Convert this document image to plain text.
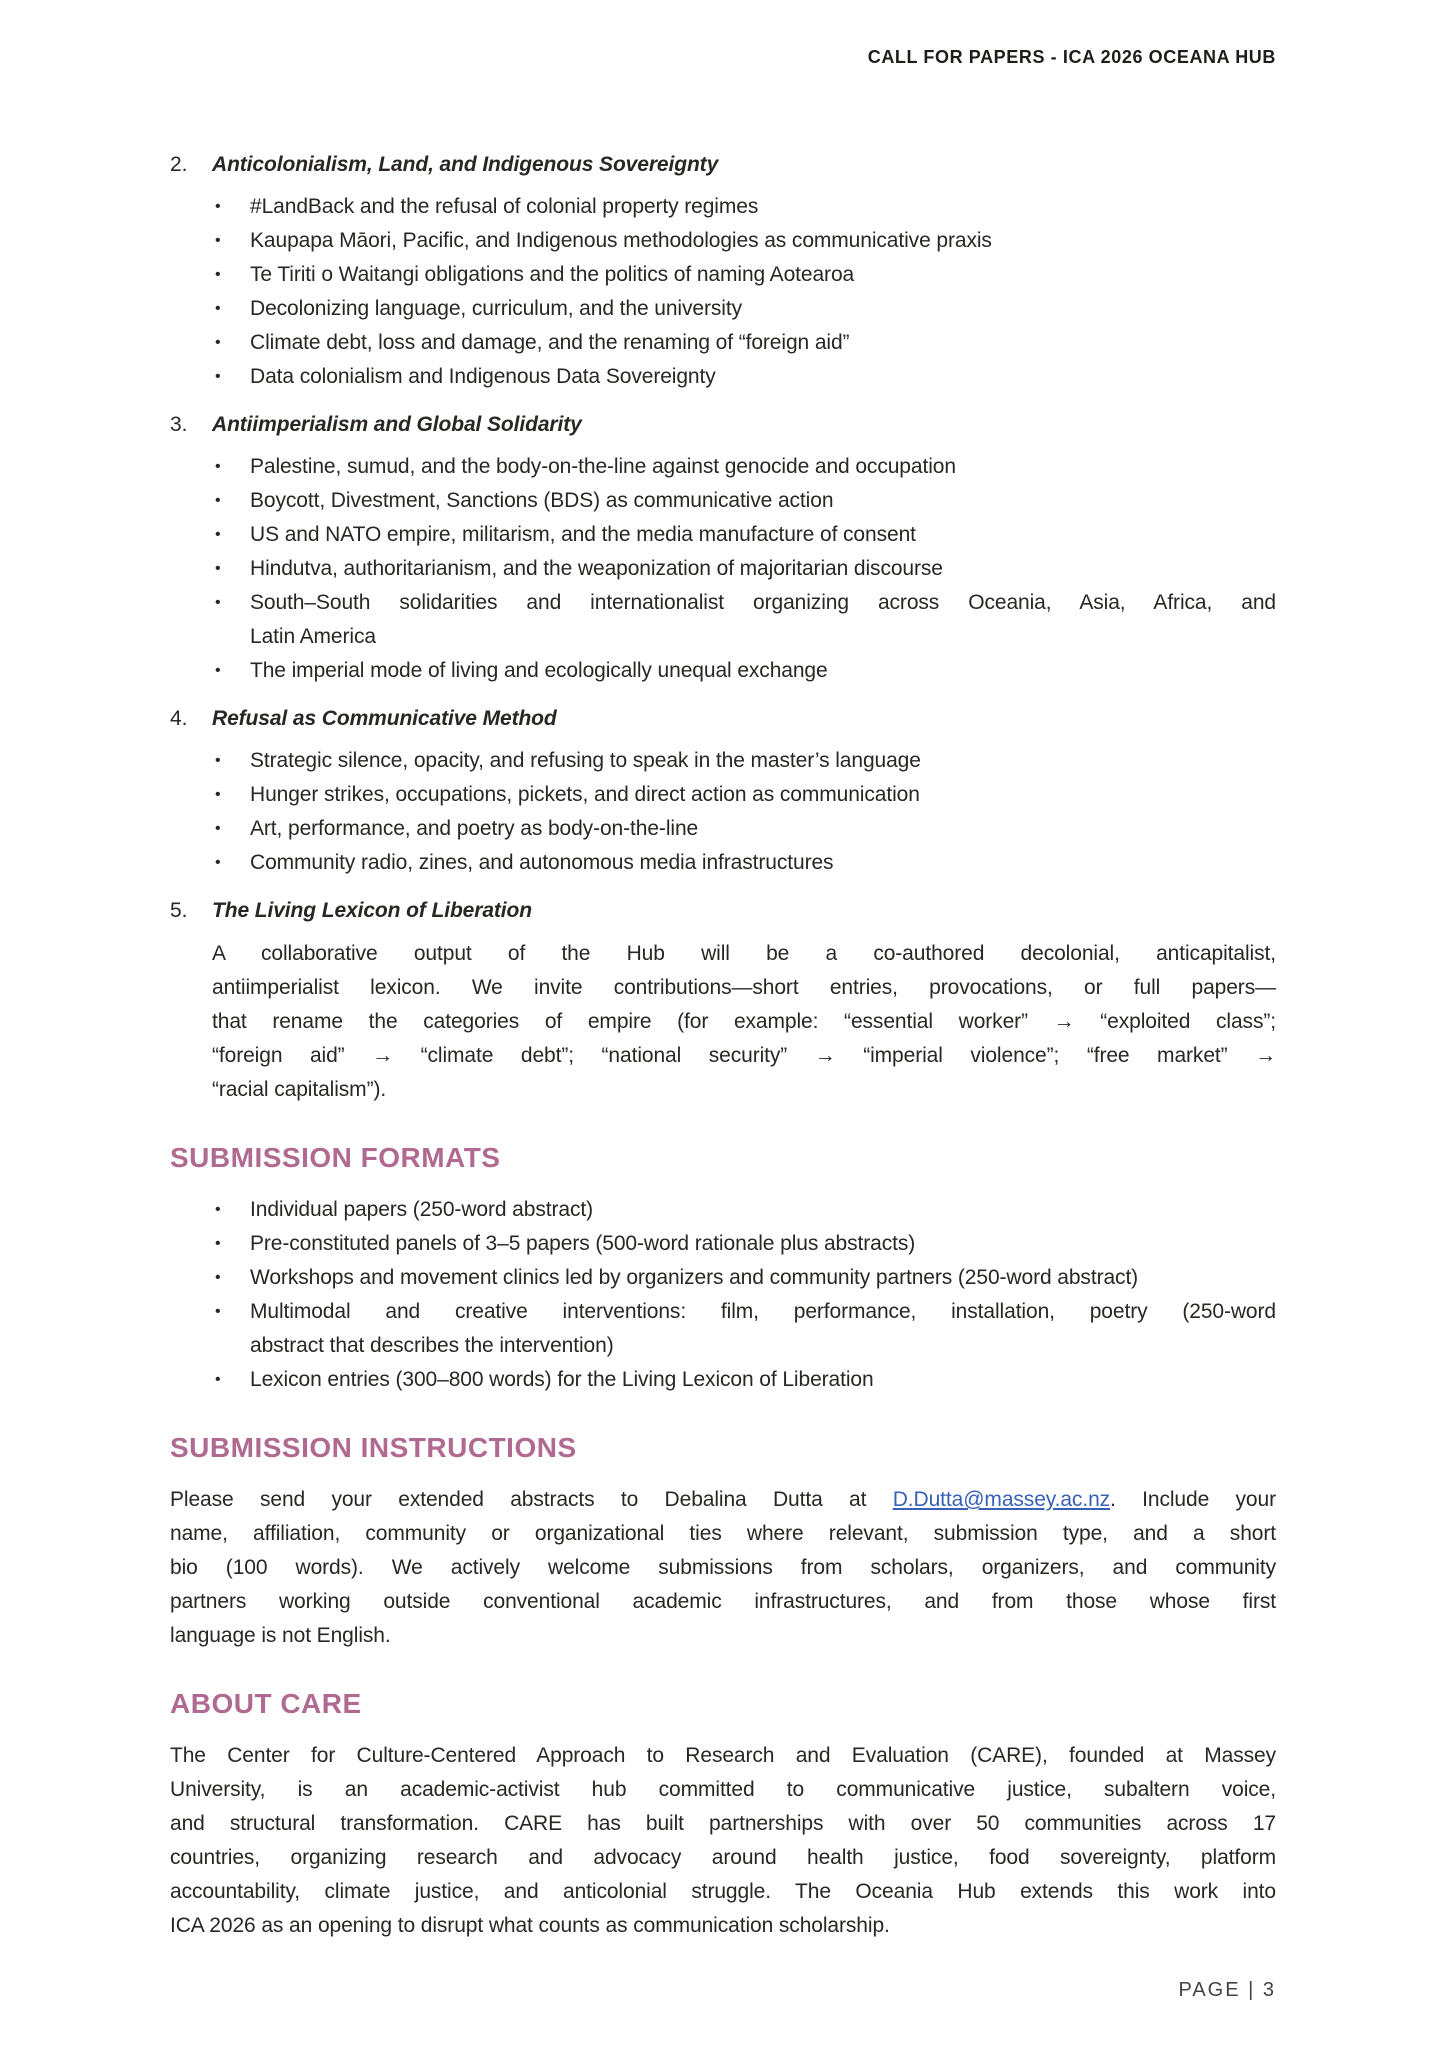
CALL FOR PAPERS - ICA 2026 OCEANA HUB
2.	Anticolonialism, Land, and Indigenous Sovereignty
•	#LandBack and the refusal of colonial property regimes
•	Kaupapa Māori, Pacific, and Indigenous methodologies as communicative praxis
•	Te Tiriti o Waitangi obligations and the politics of naming Aotearoa
•	Decolonizing language, curriculum, and the university
•	Climate debt, loss and damage, and the renaming of “foreign aid”
•	Data colonialism and Indigenous Data Sovereignty
3.	Antiimperialism and Global Solidarity
•	Palestine, sumud, and the body-on-the-line against genocide and occupation
•	Boycott, Divestment, Sanctions (BDS) as communicative action
•	US and NATO empire, militarism, and the media manufacture of consent
•	Hindutva, authoritarianism, and the weaponization of majoritarian discourse
•	South–South solidarities and internationalist organizing across Oceania, Asia, Africa, and
Latin America
•	The imperial mode of living and ecologically unequal exchange
4.	Refusal as Communicative Method
•	Strategic silence, opacity, and refusing to speak in the master’s language
•	Hunger strikes, occupations, pickets, and direct action as communication
•	Art, performance, and poetry as body-on-the-line
•	Community radio, zines, and autonomous media infrastructures
5.	The Living Lexicon of Liberation
A collaborative output of the Hub will be a co-authored decolonial, anticapitalist,
antiimperialist lexicon. We invite contributions—short entries, provocations, or full papers—
that rename the categories of empire (for example: “essential worker” → “exploited class”;
“foreign aid” → “climate debt”; “national security” → “imperial violence”; “free market” →
“racial capitalism”).
SUBMISSION FORMATS
•	Individual papers (250-word abstract)
•	Pre-constituted panels of 3–5 papers (500-word rationale plus abstracts)
•	Workshops and movement clinics led by organizers and community partners (250-word abstract)
•	Multimodal and creative interventions: film, performance, installation, poetry (250-word
abstract that describes the intervention)
•	Lexicon entries (300–800 words) for the Living Lexicon of Liberation
SUBMISSION INSTRUCTIONS
Please send your extended abstracts to Debalina Dutta at D.Dutta@massey.ac.nz. Include your
name, affiliation, community or organizational ties where relevant, submission type, and a short
bio (100 words). We actively welcome submissions from scholars, organizers, and community
partners working outside conventional academic infrastructures, and from those whose first
language is not English.
ABOUT CARE
The Center for Culture-Centered Approach to Research and Evaluation (CARE), founded at Massey
University, is an academic-activist hub committed to communicative justice, subaltern voice,
and structural transformation. CARE has built partnerships with over 50 communities across 17
countries, organizing research and advocacy around health justice, food sovereignty, platform
accountability, climate justice, and anticolonial struggle. The Oceania Hub extends this work into
ICA 2026 as an opening to disrupt what counts as communication scholarship.
PAGE | 3
